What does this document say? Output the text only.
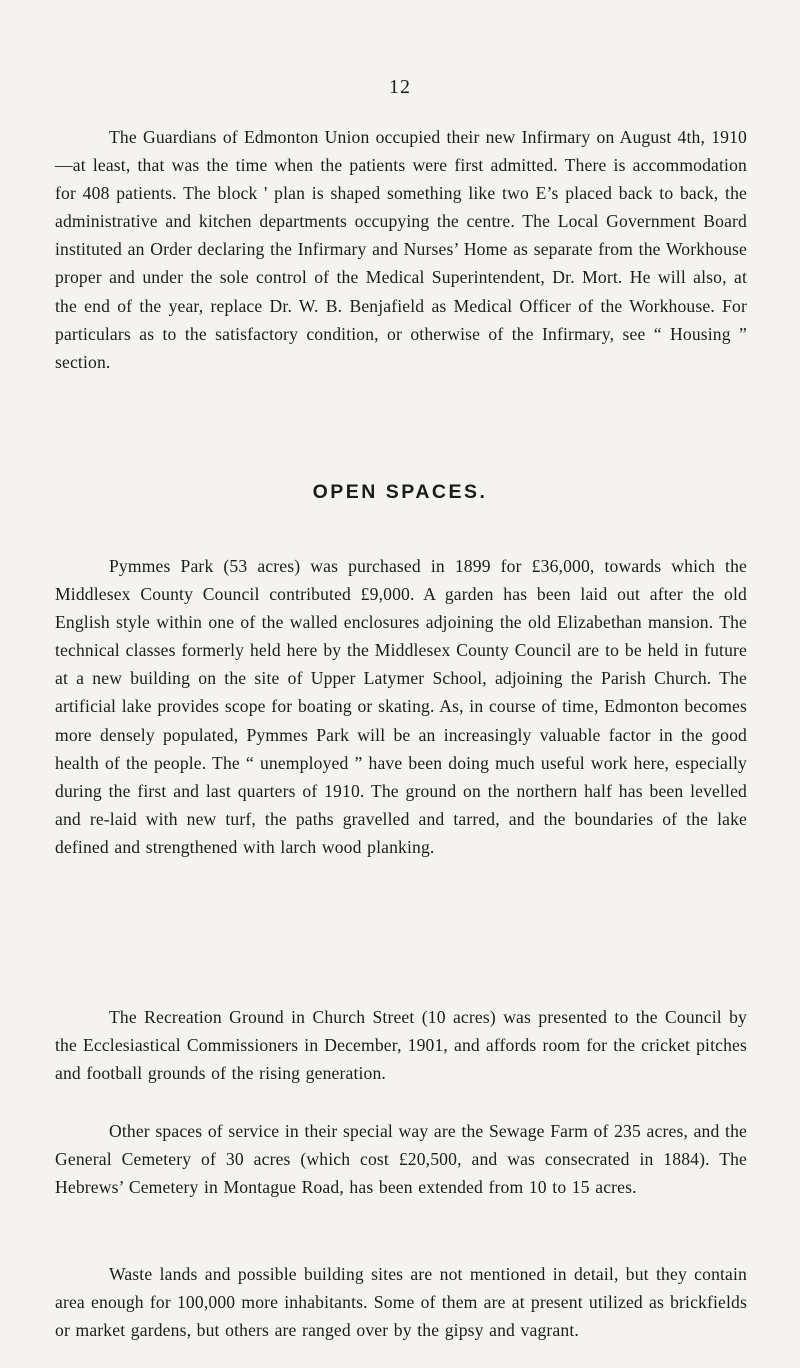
12

The Guardians of Edmonton Union occupied their new Infirmary on August 4th, 1910—at least, that was the time when the patients were first admitted. There is accommodation for 408 patients. The block ' plan is shaped something like two E’s placed back to back, the administrative and kitchen departments occupying the centre. The Local Government Board instituted an Order declaring the Infirmary and Nurses’ Home as separate from the Workhouse proper and under the sole control of the Medical Superintendent, Dr. Mort. He will also, at the end of the year, replace Dr. W. B. Benjafield as Medical Officer of the Workhouse. For particulars as to the satisfactory condition, or otherwise of the Infirmary, see “ Housing ” section.

OPEN SPACES.

Pymmes Park (53 acres) was purchased in 1899 for £36,000, towards which the Middlesex County Council contributed £9,000. A garden has been laid out after the old English style within one of the walled enclosures adjoining the old Elizabethan mansion. The technical classes formerly held here by the Middlesex County Council are to be held in future at a new building on the site of Upper Latymer School, adjoining the Parish Church. The artificial lake provides scope for boating or skating. As, in course of time, Edmonton becomes more densely populated, Pymmes Park will be an increasingly valuable factor in the good health of the people. The “ unemployed ” have been doing much useful work here, especially during the first and last quarters of 1910. The ground on the northern half has been levelled and re-laid with new turf, the paths gravelled and tarred, and the boundaries of the lake defined and strengthened with larch wood planking.

The Recreation Ground in Church Street (10 acres) was presented to the Council by the Ecclesiastical Commissioners in December, 1901, and affords room for the cricket pitches and football grounds of the rising generation.

Other spaces of service in their special way are the Sewage Farm of 235 acres, and the General Cemetery of 30 acres (which cost £20,500, and was consecrated in 1884). The Hebrews’ Cemetery in Montague Road, has been extended from 10 to 15 acres.

Waste lands and possible building sites are not mentioned in detail, but they contain area enough for 100,000 more inhabitants. Some of them are at present utilized as brickfields or market gardens, but others are ranged over by the gipsy and vagrant.
